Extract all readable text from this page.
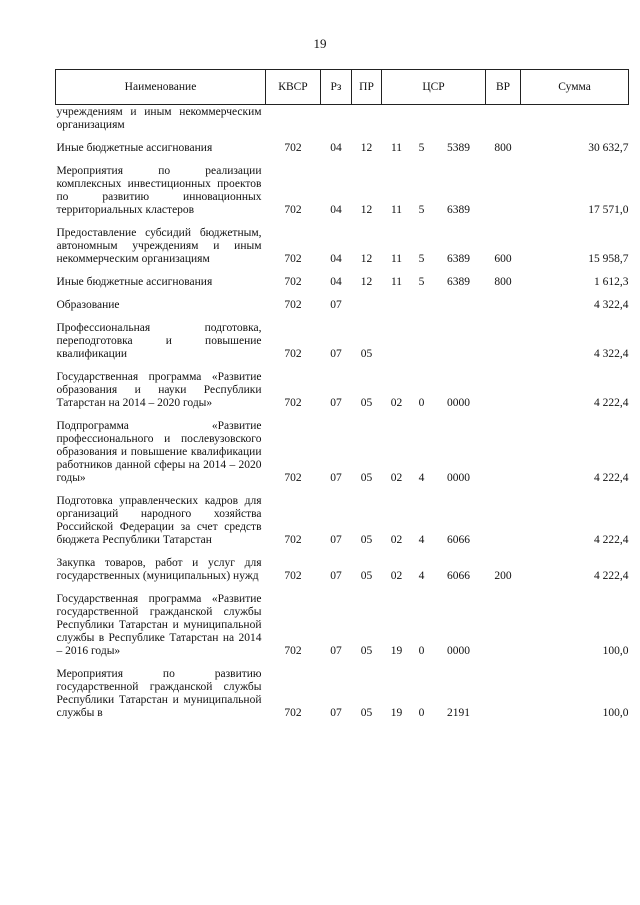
19
Наименование	КВСР	Рз	ПР	ЦСР			ВР	Сумма
учреждениям и иным некоммерческим организациям								
Иные бюджетные ассигнования	702	04	12	11	5	5389	800	30 632,7
Мероприятия по реализации комплексных инвестиционных проектов по развитию инновационных территориальных кластеров	702	04	12	11	5	6389		17 571,0
Предоставление субсидий бюджетным, автономным учреждениям и иным некоммерческим организациям	702	04	12	11	5	6389	600	15 958,7
Иные бюджетные ассигнования	702	04	12	11	5	6389	800	1 612,3
Образование	702	07						4 322,4
Профессиональная подготовка, переподготовка и повышение квалификации	702	07	05					4 322,4
Государственная программа «Развитие образования и науки Республики Татарстан на 2014 – 2020 годы»	702	07	05	02	0	0000		4 222,4
Подпрограмма «Развитие профессионального и послевузовского образования и повышение квалификации работников данной сферы на 2014 – 2020 годы»	702	07	05	02	4	0000		4 222,4
Подготовка управленческих кадров для организаций народного хозяйства Российской Федерации за счет средств бюджета Республики Татарстан	702	07	05	02	4	6066		4 222,4
Закупка товаров, работ и услуг для государственных (муниципальных) нужд	702	07	05	02	4	6066	200	4 222,4
Государственная программа «Развитие государственной гражданской службы Республики Татарстан и муниципальной службы в Республике Татарстан на 2014 – 2016 годы»	702	07	05	19	0	0000		100,0
Мероприятия по развитию государственной гражданской службы Республики Татарстан и муниципальной службы в	702	07	05	19	0	2191		100,0
